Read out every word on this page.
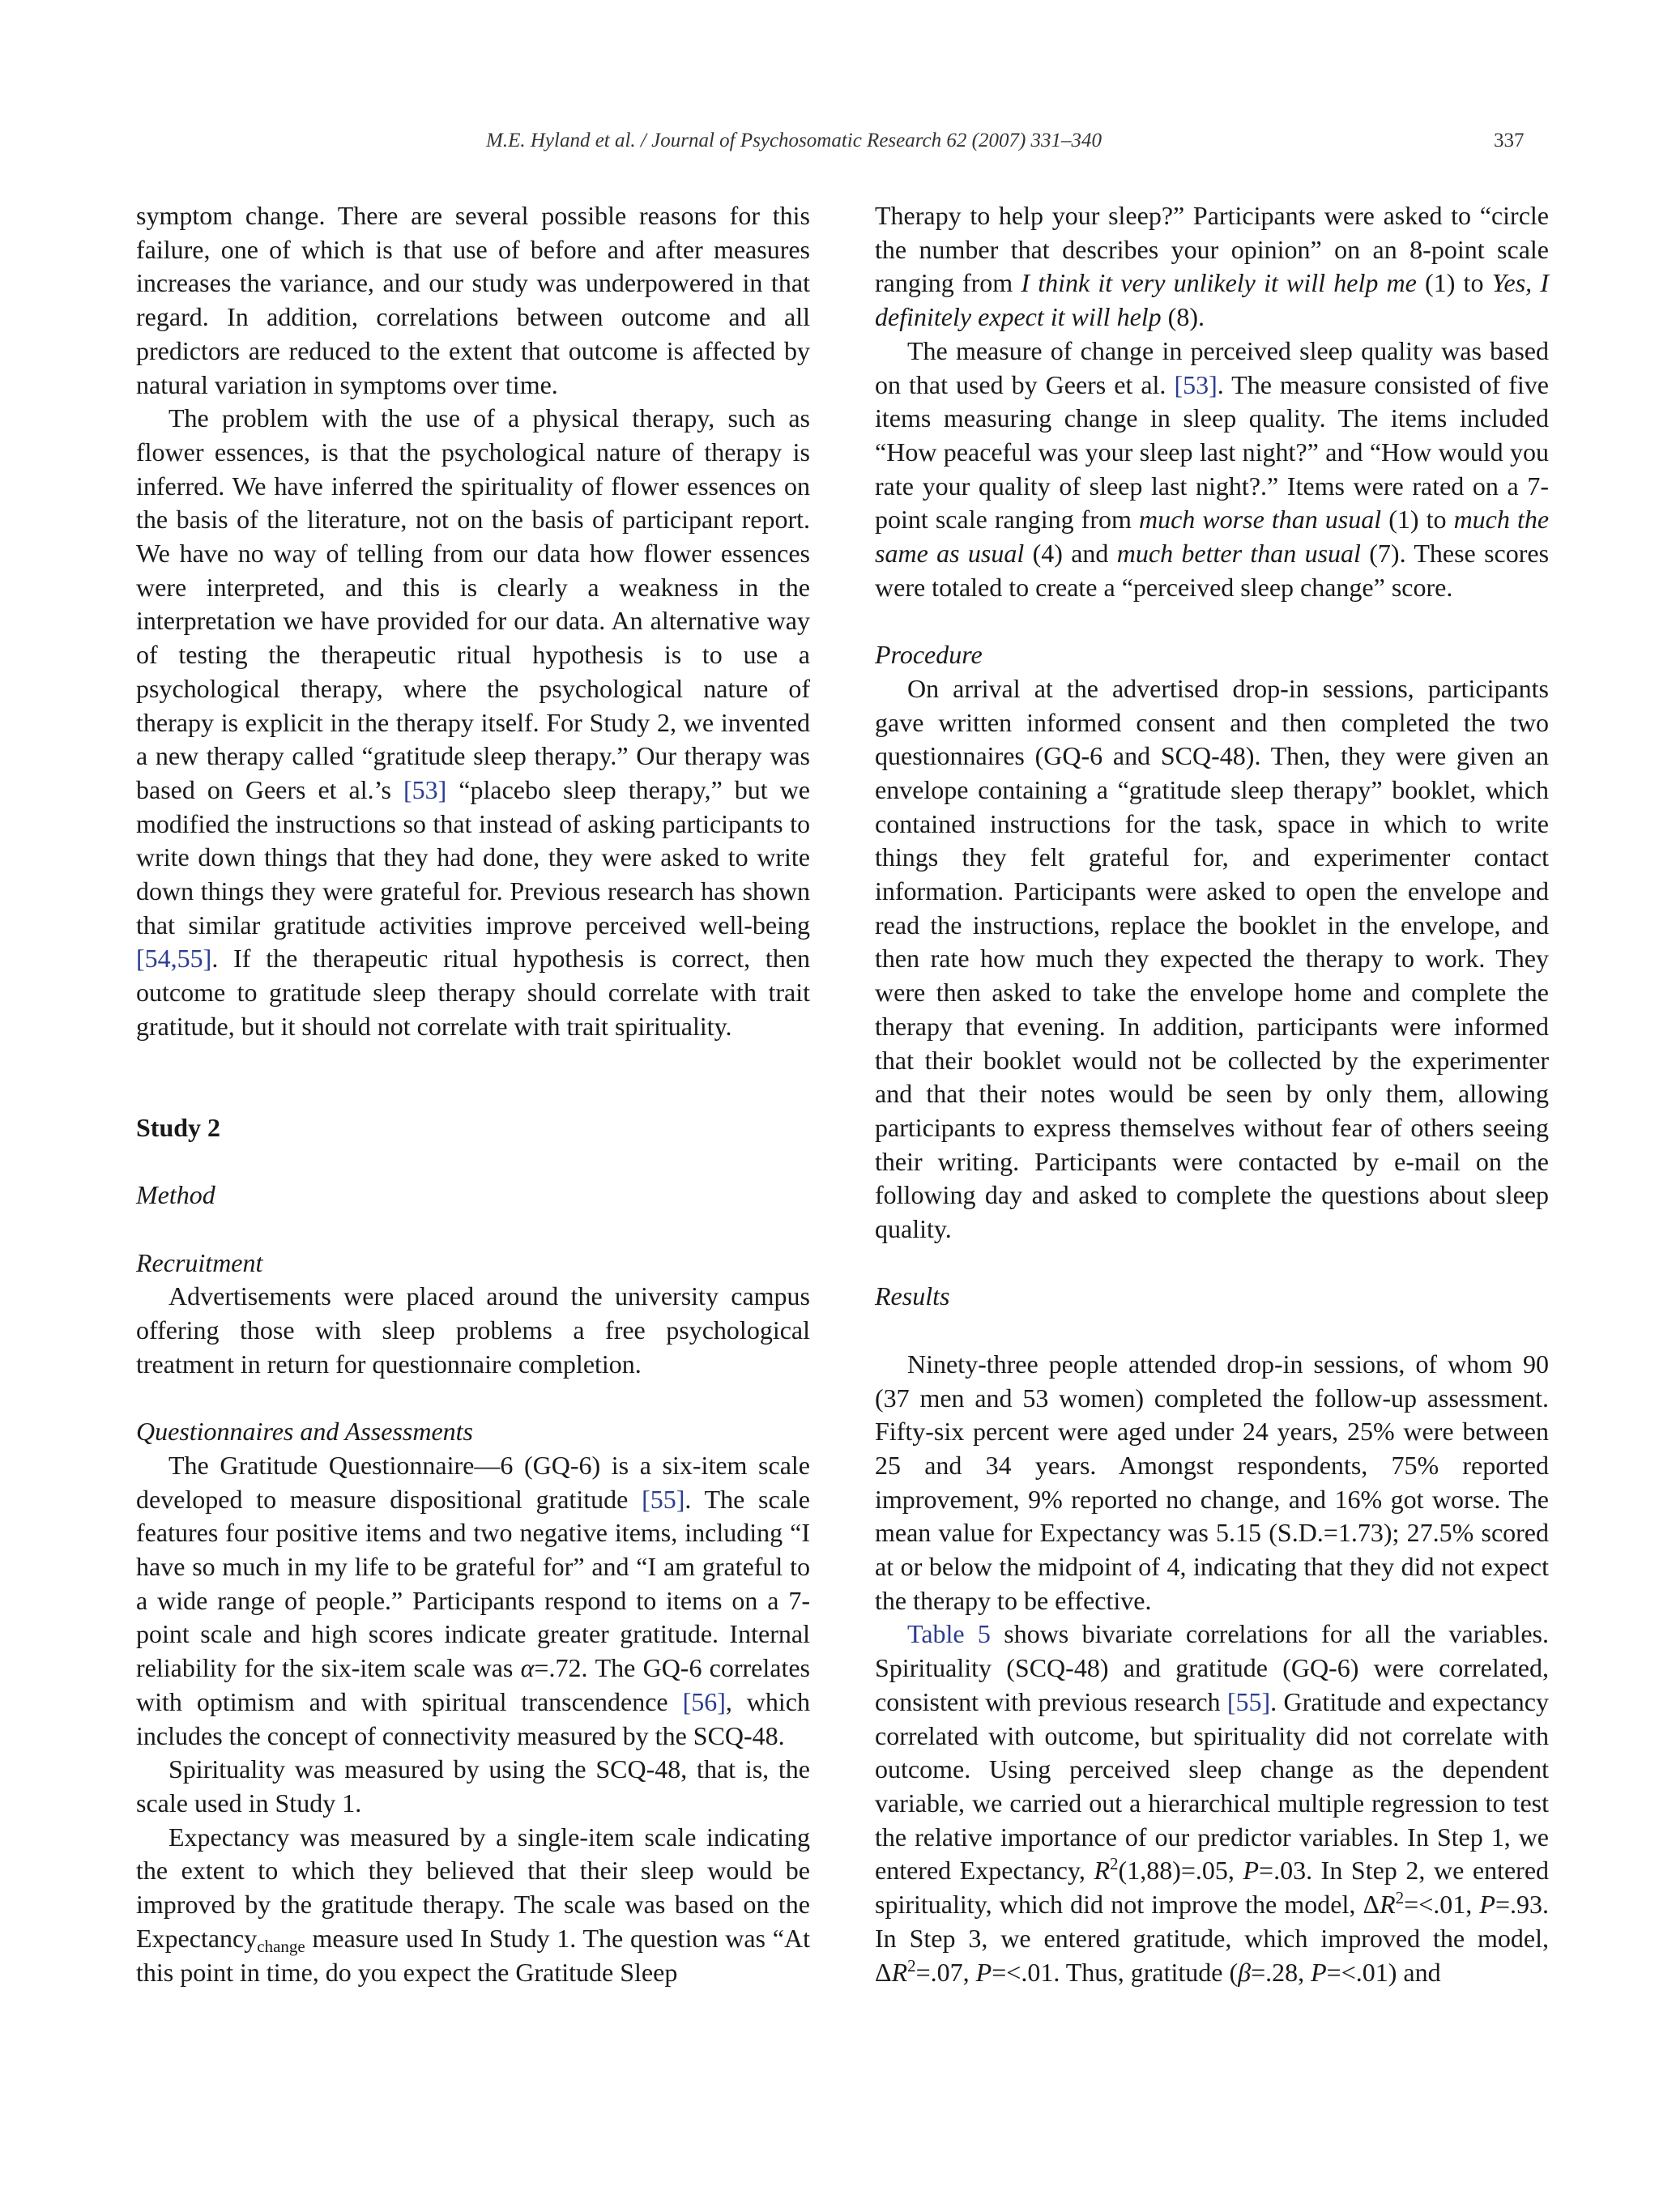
M.E. Hyland et al. / Journal of Psychosomatic Research 62 (2007) 331–340	337

symptom change. There are several possible reasons for this failure, one of which is that use of before and after measures increases the variance, and our study was underpowered in that regard. In addition, correlations between outcome and all predictors are reduced to the extent that outcome is affected by natural variation in symptoms over time.

The problem with the use of a physical therapy, such as flower essences, is that the psychological nature of therapy is inferred. We have inferred the spirituality of flower essences on the basis of the literature, not on the basis of participant report. We have no way of telling from our data how flower essences were interpreted, and this is clearly a weakness in the interpretation we have provided for our data. An alternative way of testing the therapeutic ritual hypothesis is to use a psychological therapy, where the psychological nature of therapy is explicit in the therapy itself. For Study 2, we invented a new therapy called “gratitude sleep therapy.” Our therapy was based on Geers et al.’s [53] “placebo sleep therapy,” but we modified the instructions so that instead of asking participants to write down things that they had done, they were asked to write down things they were grateful for. Previous research has shown that similar gratitude activities improve perceived well-being [54,55]. If the therapeutic ritual hypothesis is correct, then outcome to gratitude sleep therapy should correlate with trait gratitude, but it should not correlate with trait spirituality.

Study 2
Method
Recruitment

Advertisements were placed around the university campus offering those with sleep problems a free psychological treatment in return for questionnaire completion.

Questionnaires and Assessments

The Gratitude Questionnaire—6 (GQ-6) is a six-item scale developed to measure dispositional gratitude [55]. The scale features four positive items and two negative items, including “I have so much in my life to be grateful for” and “I am grateful to a wide range of people.” Participants respond to items on a 7-point scale and high scores indicate greater gratitude. Internal reliability for the six-item scale was α=.72. The GQ-6 correlates with optimism and with spiritual transcendence [56], which includes the concept of connectivity measured by the SCQ-48.

Spirituality was measured by using the SCQ-48, that is, the scale used in Study 1.

Expectancy was measured by a single-item scale indicating the extent to which they believed that their sleep would be improved by the gratitude therapy. The scale was based on the Expectancy$_{change}$ measure used In Study 1. The question was “At this point in time, do you expect the Gratitude Sleep

Therapy to help your sleep?” Participants were asked to “circle the number that describes your opinion” on an 8-point scale ranging from I think it very unlikely it will help me (1) to Yes, I definitely expect it will help (8).

The measure of change in perceived sleep quality was based on that used by Geers et al. [53]. The measure consisted of five items measuring change in sleep quality. The items included “How peaceful was your sleep last night?” and “How would you rate your quality of sleep last night?.” Items were rated on a 7-point scale ranging from much worse than usual (1) to much the same as usual (4) and much better than usual (7). These scores were totaled to create a “perceived sleep change” score.

Procedure

On arrival at the advertised drop-in sessions, participants gave written informed consent and then completed the two questionnaires (GQ-6 and SCQ-48). Then, they were given an envelope containing a “gratitude sleep therapy” booklet, which contained instructions for the task, space in which to write things they felt grateful for, and experimenter contact information. Participants were asked to open the envelope and read the instructions, replace the booklet in the envelope, and then rate how much they expected the therapy to work. They were then asked to take the envelope home and complete the therapy that evening. In addition, participants were informed that their booklet would not be collected by the experimenter and that their notes would be seen by only them, allowing participants to express themselves without fear of others seeing their writing. Participants were contacted by e-mail on the following day and asked to complete the questions about sleep quality.

Results

Ninety-three people attended drop-in sessions, of whom 90 (37 men and 53 women) completed the follow-up assessment. Fifty-six percent were aged under 24 years, 25% were between 25 and 34 years. Amongst respondents, 75% reported improvement, 9% reported no change, and 16% got worse. The mean value for Expectancy was 5.15 (S.D.=1.73); 27.5% scored at or below the midpoint of 4, indicating that they did not expect the therapy to be effective.

Table 5 shows bivariate correlations for all the variables. Spirituality (SCQ-48) and gratitude (GQ-6) were correlated, consistent with previous research [55]. Gratitude and expectancy correlated with outcome, but spirituality did not correlate with outcome. Using perceived sleep change as the dependent variable, we carried out a hierarchical multiple regression to test the relative importance of our predictor variables. In Step 1, we entered Expectancy, $R^2(1,88)=.05$, P=.03. In Step 2, we entered spirituality, which did not improve the model, $\Delta R^2=<.01$, P=.93. In Step 3, we entered gratitude, which improved the model, $\Delta R^2=.07$, P=<.01. Thus, gratitude (β=.28, P=<.01) and
